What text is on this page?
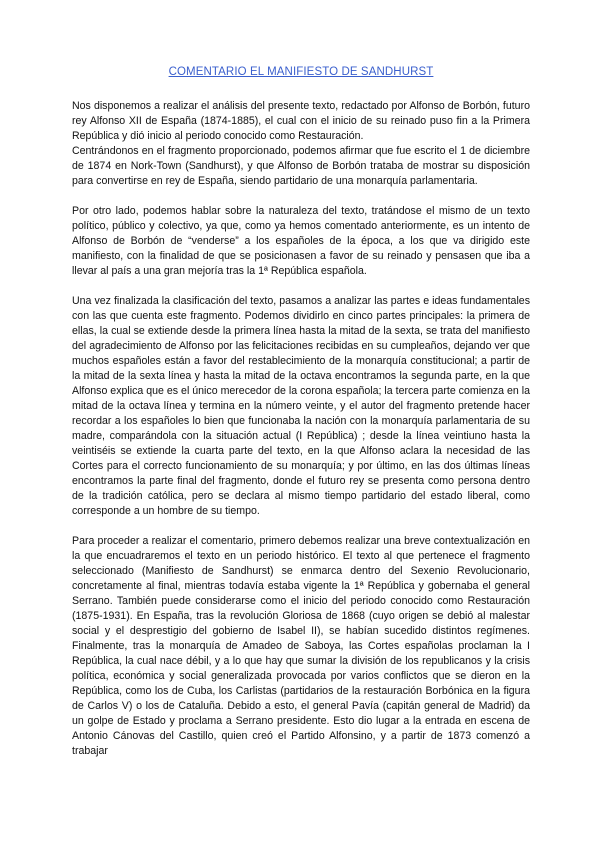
COMENTARIO EL MANIFIESTO DE SANDHURST

Nos disponemos a realizar el análisis del presente texto, redactado por Alfonso de Borbón, futuro rey Alfonso XII de España (1874-1885), el cual con el inicio de su reinado puso fin a la Primera República y dió inicio al periodo conocido como Restauración.

Centrándonos en el fragmento proporcionado, podemos afirmar que fue escrito el 1 de diciembre de 1874 en Nork-Town (Sandhurst), y que Alfonso de Borbón trataba de mostrar su disposición para convertirse en rey de España, siendo partidario de una monarquía parlamentaria.

Por otro lado, podemos hablar sobre la naturaleza del texto, tratándose el mismo de un texto político, público y colectivo, ya que, como ya hemos comentado anteriormente, es un intento de Alfonso de Borbón de “venderse” a los españoles de la época, a los que va dirigido este manifiesto, con la finalidad de que se posicionasen a favor de su reinado y pensasen que iba a llevar al país a una gran mejoría tras la 1ª República española.

Una vez finalizada la clasificación del texto, pasamos a analizar las partes e ideas fundamentales con las que cuenta este fragmento. Podemos dividirlo en cinco partes principales: la primera de ellas, la cual se extiende desde la primera línea hasta la mitad de la sexta, se trata del manifiesto del agradecimiento de Alfonso por las felicitaciones recibidas en su cumpleaños, dejando ver que muchos españoles están a favor del restablecimiento de la monarquía constitucional; a partir de la mitad de la sexta línea y hasta la mitad de la octava encontramos la segunda parte, en la que Alfonso explica que es el único merecedor de la corona española; la tercera parte comienza en la mitad de la octava línea y termina en la número veinte, y el autor del fragmento pretende hacer recordar a los españoles lo bien que funcionaba la nación con la monarquía parlamentaria de su madre, comparándola con la situación actual (I República) ; desde la línea veintiuno hasta la veintiséis se extiende la cuarta parte del texto, en la que Alfonso aclara la necesidad de las Cortes para el correcto funcionamiento de su monarquía; y por último, en las dos últimas líneas encontramos la parte final del fragmento, donde el futuro rey se presenta como persona dentro de la tradición católica, pero se declara al mismo tiempo partidario del estado liberal, como corresponde a un hombre de su tiempo.

Para proceder a realizar el comentario, primero debemos realizar una breve contextualización en la que encuadraremos el texto en un periodo histórico. El texto al que pertenece el fragmento seleccionado (Manifiesto de Sandhurst) se enmarca dentro del Sexenio Revolucionario, concretamente al final, mientras todavía estaba vigente la 1ª República y gobernaba el general Serrano. También puede considerarse como el inicio del periodo conocido como Restauración (1875-1931). En España, tras la revolución Gloriosa de 1868 (cuyo origen se debió al malestar social y el desprestigio del gobierno de Isabel II), se habían sucedido distintos regímenes. Finalmente, tras la monarquía de Amadeo de Saboya, las Cortes españolas proclaman la I República, la cual nace débil, y a lo que hay que sumar la división de los republicanos y la crisis política, económica y social generalizada provocada por varios conflictos que se dieron en la República, como los de Cuba, los Carlistas (partidarios de la restauración Borbónica en la figura de Carlos V) o los de Cataluña. Debido a esto, el general Pavía (capitán general de Madrid) da un golpe de Estado y proclama a Serrano presidente. Esto dio lugar a la entrada en escena de Antonio Cánovas del Castillo, quien creó el Partido Alfonsino, y a partir de 1873 comenzó a trabajar
